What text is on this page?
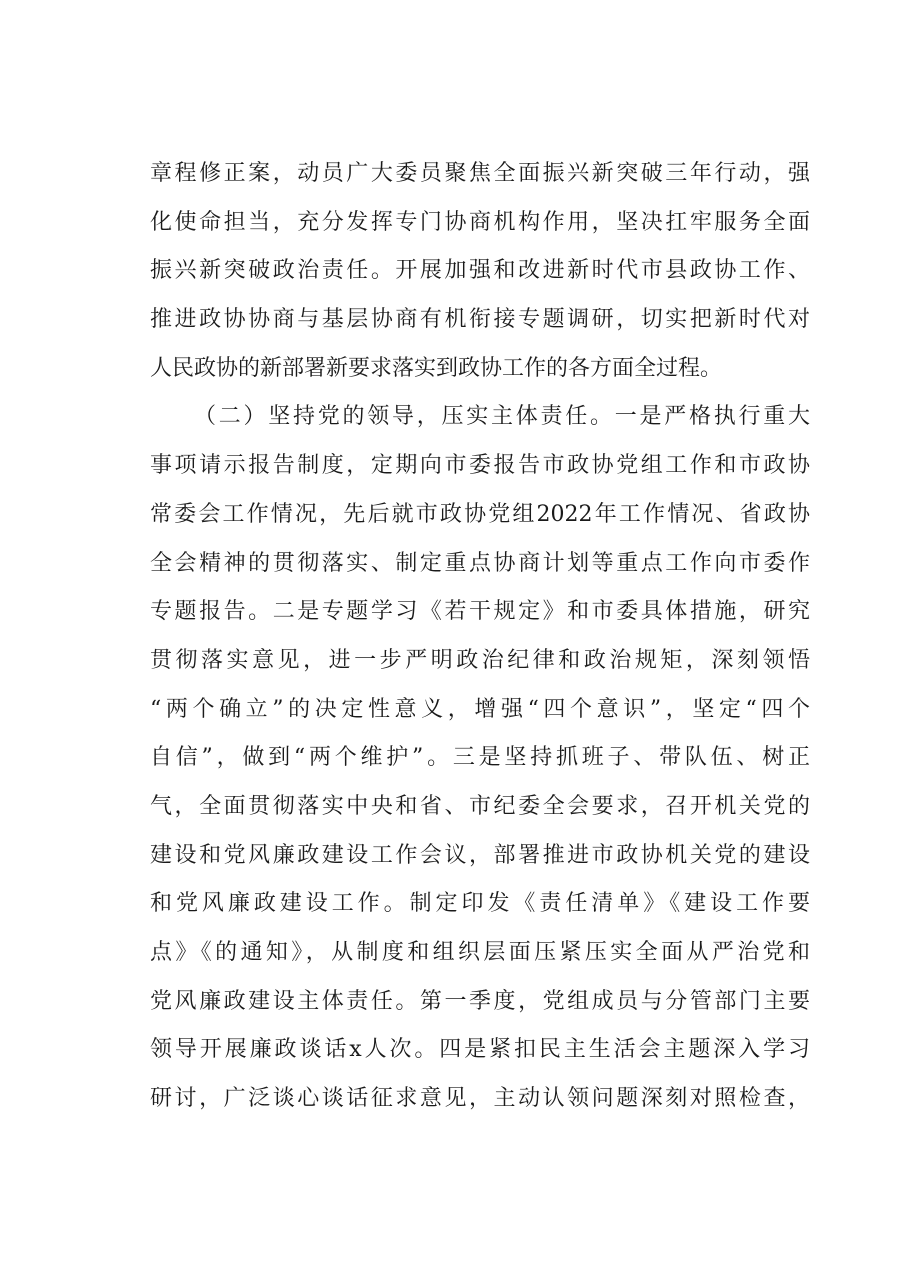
章程修正案，动员广大委员聚焦全面振兴新突破三年行动，强
化使命担当，充分发挥专门协商机构作用，坚决扛牢服务全面
振兴新突破政治责任。开展加强和改进新时代市县政协工作、
推进政协协商与基层协商有机衔接专题调研，切实把新时代对
人民政协的新部署新要求落实到政协工作的各方面全过程。
（二）坚持党的领导，压实主体责任。一是严格执行重大
事项请示报告制度，定期向市委报告市政协党组工作和市政协
常委会工作情况，先后就市政协党组2022年工作情况、省政协
全会精神的贯彻落实、制定重点协商计划等重点工作向市委作
专题报告。二是专题学习《若干规定》和市委具体措施，研究
贯彻落实意见，进一步严明政治纪律和政治规矩，深刻领悟
“两个确立”的决定性意义，增强“四个意识”，坚定“四个
自信”，做到“两个维护”。三是坚持抓班子、带队伍、树正
气，全面贯彻落实中央和省、市纪委全会要求，召开机关党的
建设和党风廉政建设工作会议，部署推进市政协机关党的建设
和党风廉政建设工作。制定印发《责任清单》《建设工作要
点》《的通知》，从制度和组织层面压紧压实全面从严治党和
党风廉政建设主体责任。第一季度，党组成员与分管部门主要
领导开展廉政谈话x人次。四是紧扣民主生活会主题深入学习
研讨，广泛谈心谈话征求意见，主动认领问题深刻对照检查，
